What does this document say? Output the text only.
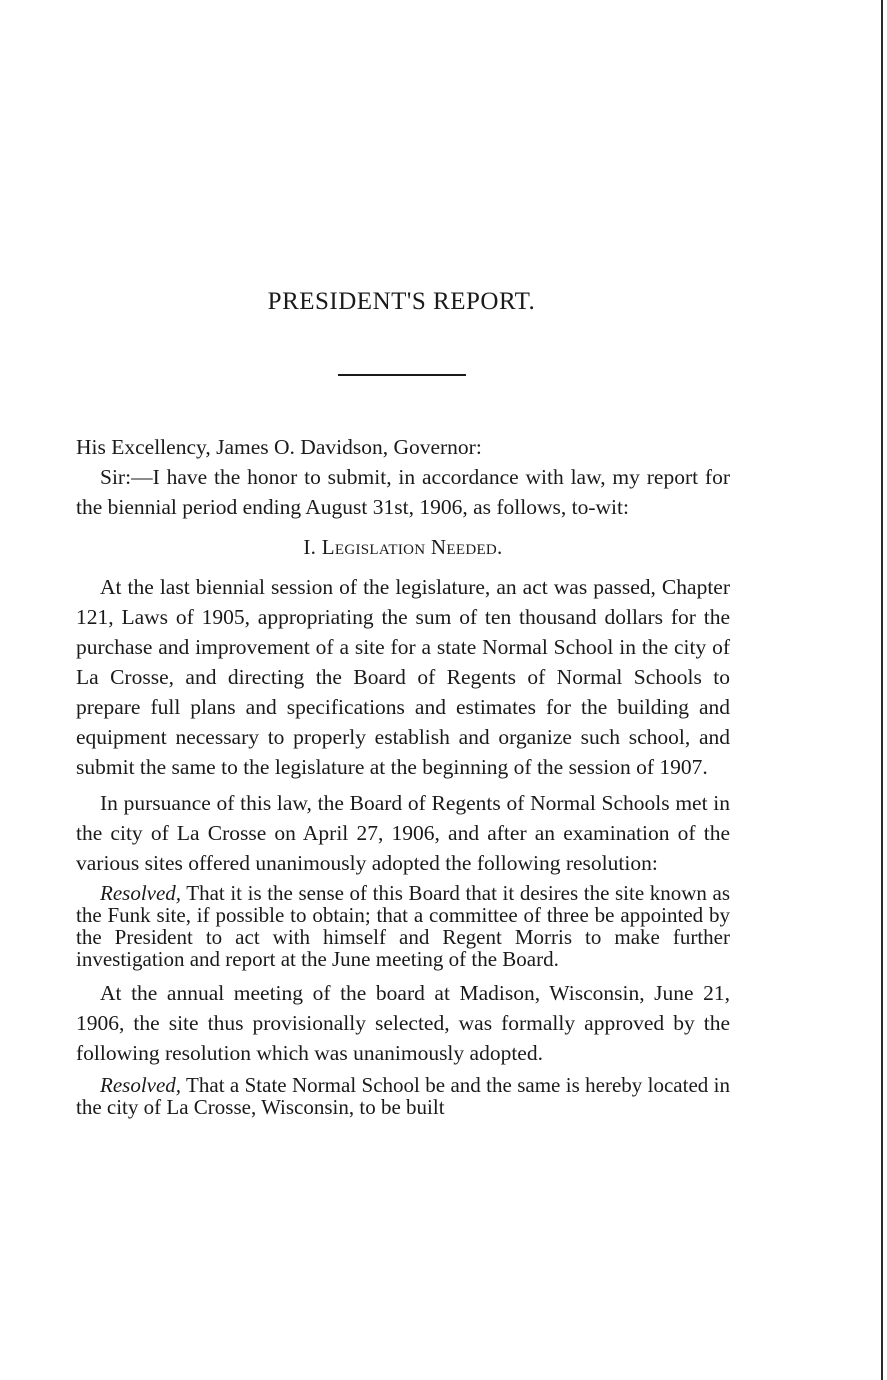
PRESIDENT'S REPORT.

His Excellency, James O. Davidson, Governor:

Sir:—I have the honor to submit, in accordance with law, my report for the biennial period ending August 31st, 1906, as follows, to-wit:

I. Legislation Needed.

At the last biennial session of the legislature, an act was passed, Chapter 121, Laws of 1905, appropriating the sum of ten thousand dollars for the purchase and improvement of a site for a state Normal School in the city of La Crosse, and directing the Board of Regents of Normal Schools to prepare full plans and specifications and estimates for the building and equipment necessary to properly establish and organize such school, and submit the same to the legislature at the beginning of the session of 1907.

In pursuance of this law, the Board of Regents of Normal Schools met in the city of La Crosse on April 27, 1906, and after an examination of the various sites offered unanimously adopted the following resolution:

Resolved, That it is the sense of this Board that it desires the site known as the Funk site, if possible to obtain; that a committee of three be appointed by the President to act with himself and Regent Morris to make further investigation and report at the June meeting of the Board.

At the annual meeting of the board at Madison, Wisconsin, June 21, 1906, the site thus provisionally selected, was formally approved by the following resolution which was unanimously adopted.

Resolved, That a State Normal School be and the same is hereby located in the city of La Crosse, Wisconsin, to be built
